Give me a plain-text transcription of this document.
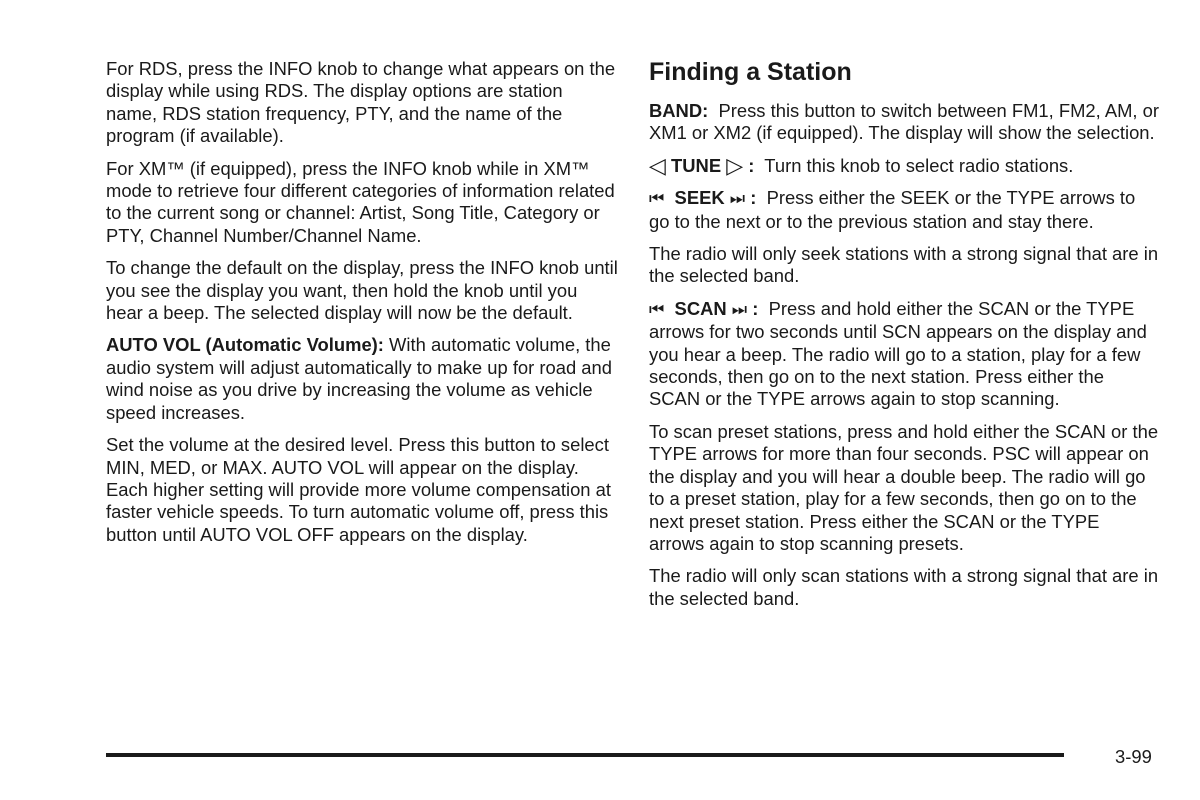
For RDS, press the INFO knob to change what appears on the display while using RDS. The display options are station name, RDS station frequency, PTY, and the name of the program (if available).

For XM™ (if equipped), press the INFO knob while in XM™ mode to retrieve four different categories of information related to the current song or channel: Artist, Song Title, Category or PTY, Channel Number/Channel Name.

To change the default on the display, press the INFO knob until you see the display you want, then hold the knob until you hear a beep. The selected display will now be the default.

AUTO VOL (Automatic Volume): With automatic volume, the audio system will adjust automatically to make up for road and wind noise as you drive by increasing the volume as vehicle speed increases.

Set the volume at the desired level. Press this button to select MIN, MED, or MAX. AUTO VOL will appear on the display. Each higher setting will provide more volume compensation at faster vehicle speeds. To turn automatic volume off, press this button until AUTO VOL OFF appears on the display.

Finding a Station

BAND: Press this button to switch between FM1, FM2, AM, or XM1 or XM2 (if equipped). The display will show the selection.

◁ TUNE ▷ : Turn this knob to select radio stations.

⏮ SEEK ⏭ : Press either the SEEK or the TYPE arrows to go to the next or to the previous station and stay there.

The radio will only seek stations with a strong signal that are in the selected band.

⏮ SCAN ⏭ : Press and hold either the SCAN or the TYPE arrows for two seconds until SCN appears on the display and you hear a beep. The radio will go to a station, play for a few seconds, then go on to the next station. Press either the SCAN or the TYPE arrows again to stop scanning.

To scan preset stations, press and hold either the SCAN or the TYPE arrows for more than four seconds. PSC will appear on the display and you will hear a double beep. The radio will go to a preset station, play for a few seconds, then go on to the next preset station. Press either the SCAN or the TYPE arrows again to stop scanning presets.

The radio will only scan stations with a strong signal that are in the selected band.

3-99
